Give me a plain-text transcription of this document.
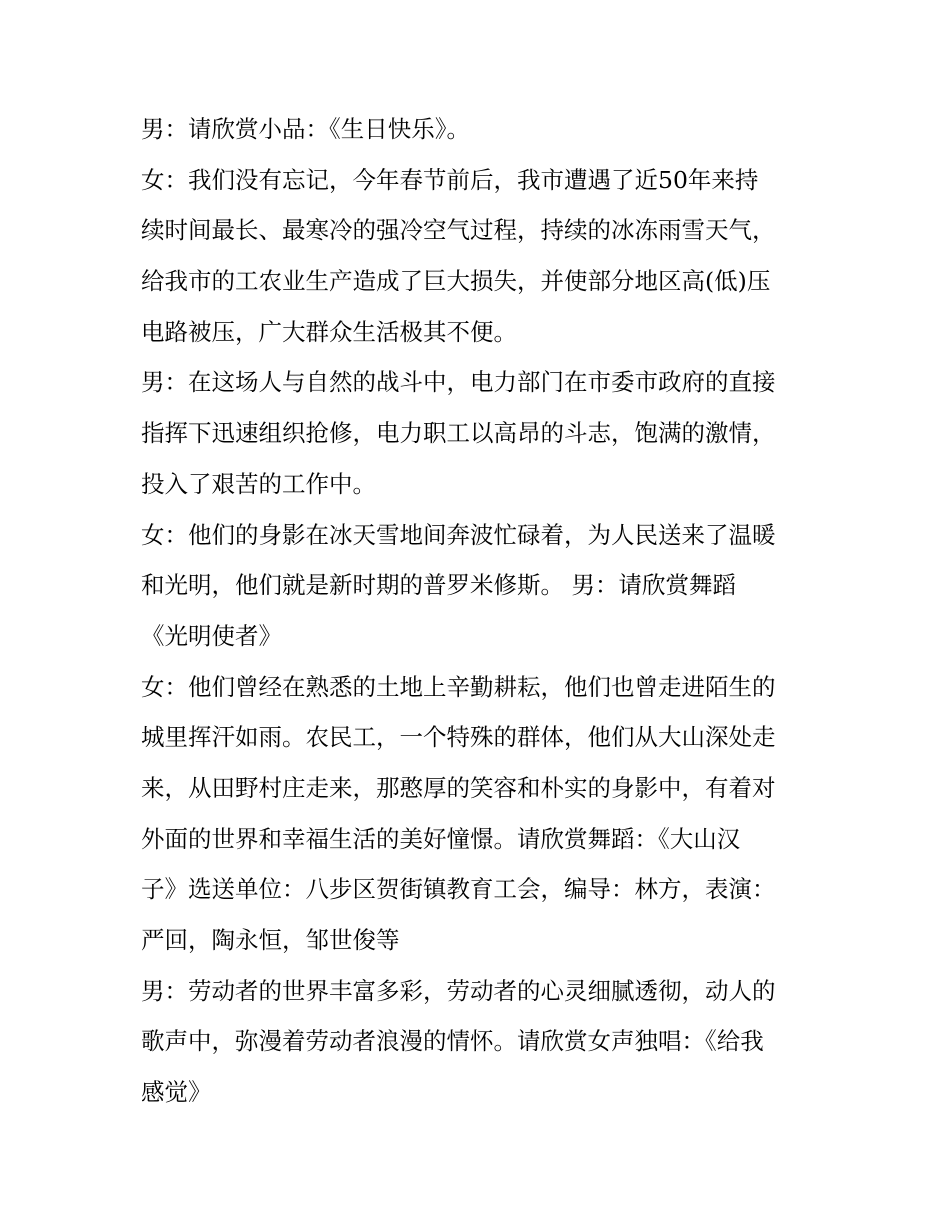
男：请欣赏小品：《生日快乐》。
女：我们没有忘记，今年春节前后，我市遭遇了近50年来持
续时间最长、最寒冷的强冷空气过程，持续的冰冻雨雪天气，
给我市的工农业生产造成了巨大损失，并使部分地区高(低)压
电路被压，广大群众生活极其不便。
男：在这场人与自然的战斗中，电力部门在市委市政府的直接
指挥下迅速组织抢修，电力职工以高昂的斗志，饱满的激情，
投入了艰苦的工作中。
女：他们的身影在冰天雪地间奔波忙碌着，为人民送来了温暖
和光明，他们就是新时期的普罗米修斯。 男：请欣赏舞蹈
《光明使者》
女：他们曾经在熟悉的土地上辛勤耕耘，他们也曾走进陌生的
城里挥汗如雨。农民工，一个特殊的群体，他们从大山深处走
来，从田野村庄走来，那憨厚的笑容和朴实的身影中，有着对
外面的世界和幸福生活的美好憧憬。请欣赏舞蹈：《大山汉
子》选送单位：八步区贺街镇教育工会，编导：林方，表演：
严回，陶永恒，邹世俊等
男：劳动者的世界丰富多彩，劳动者的心灵细腻透彻，动人的
歌声中，弥漫着劳动者浪漫的情怀。请欣赏女声独唱：《给我
感觉》
